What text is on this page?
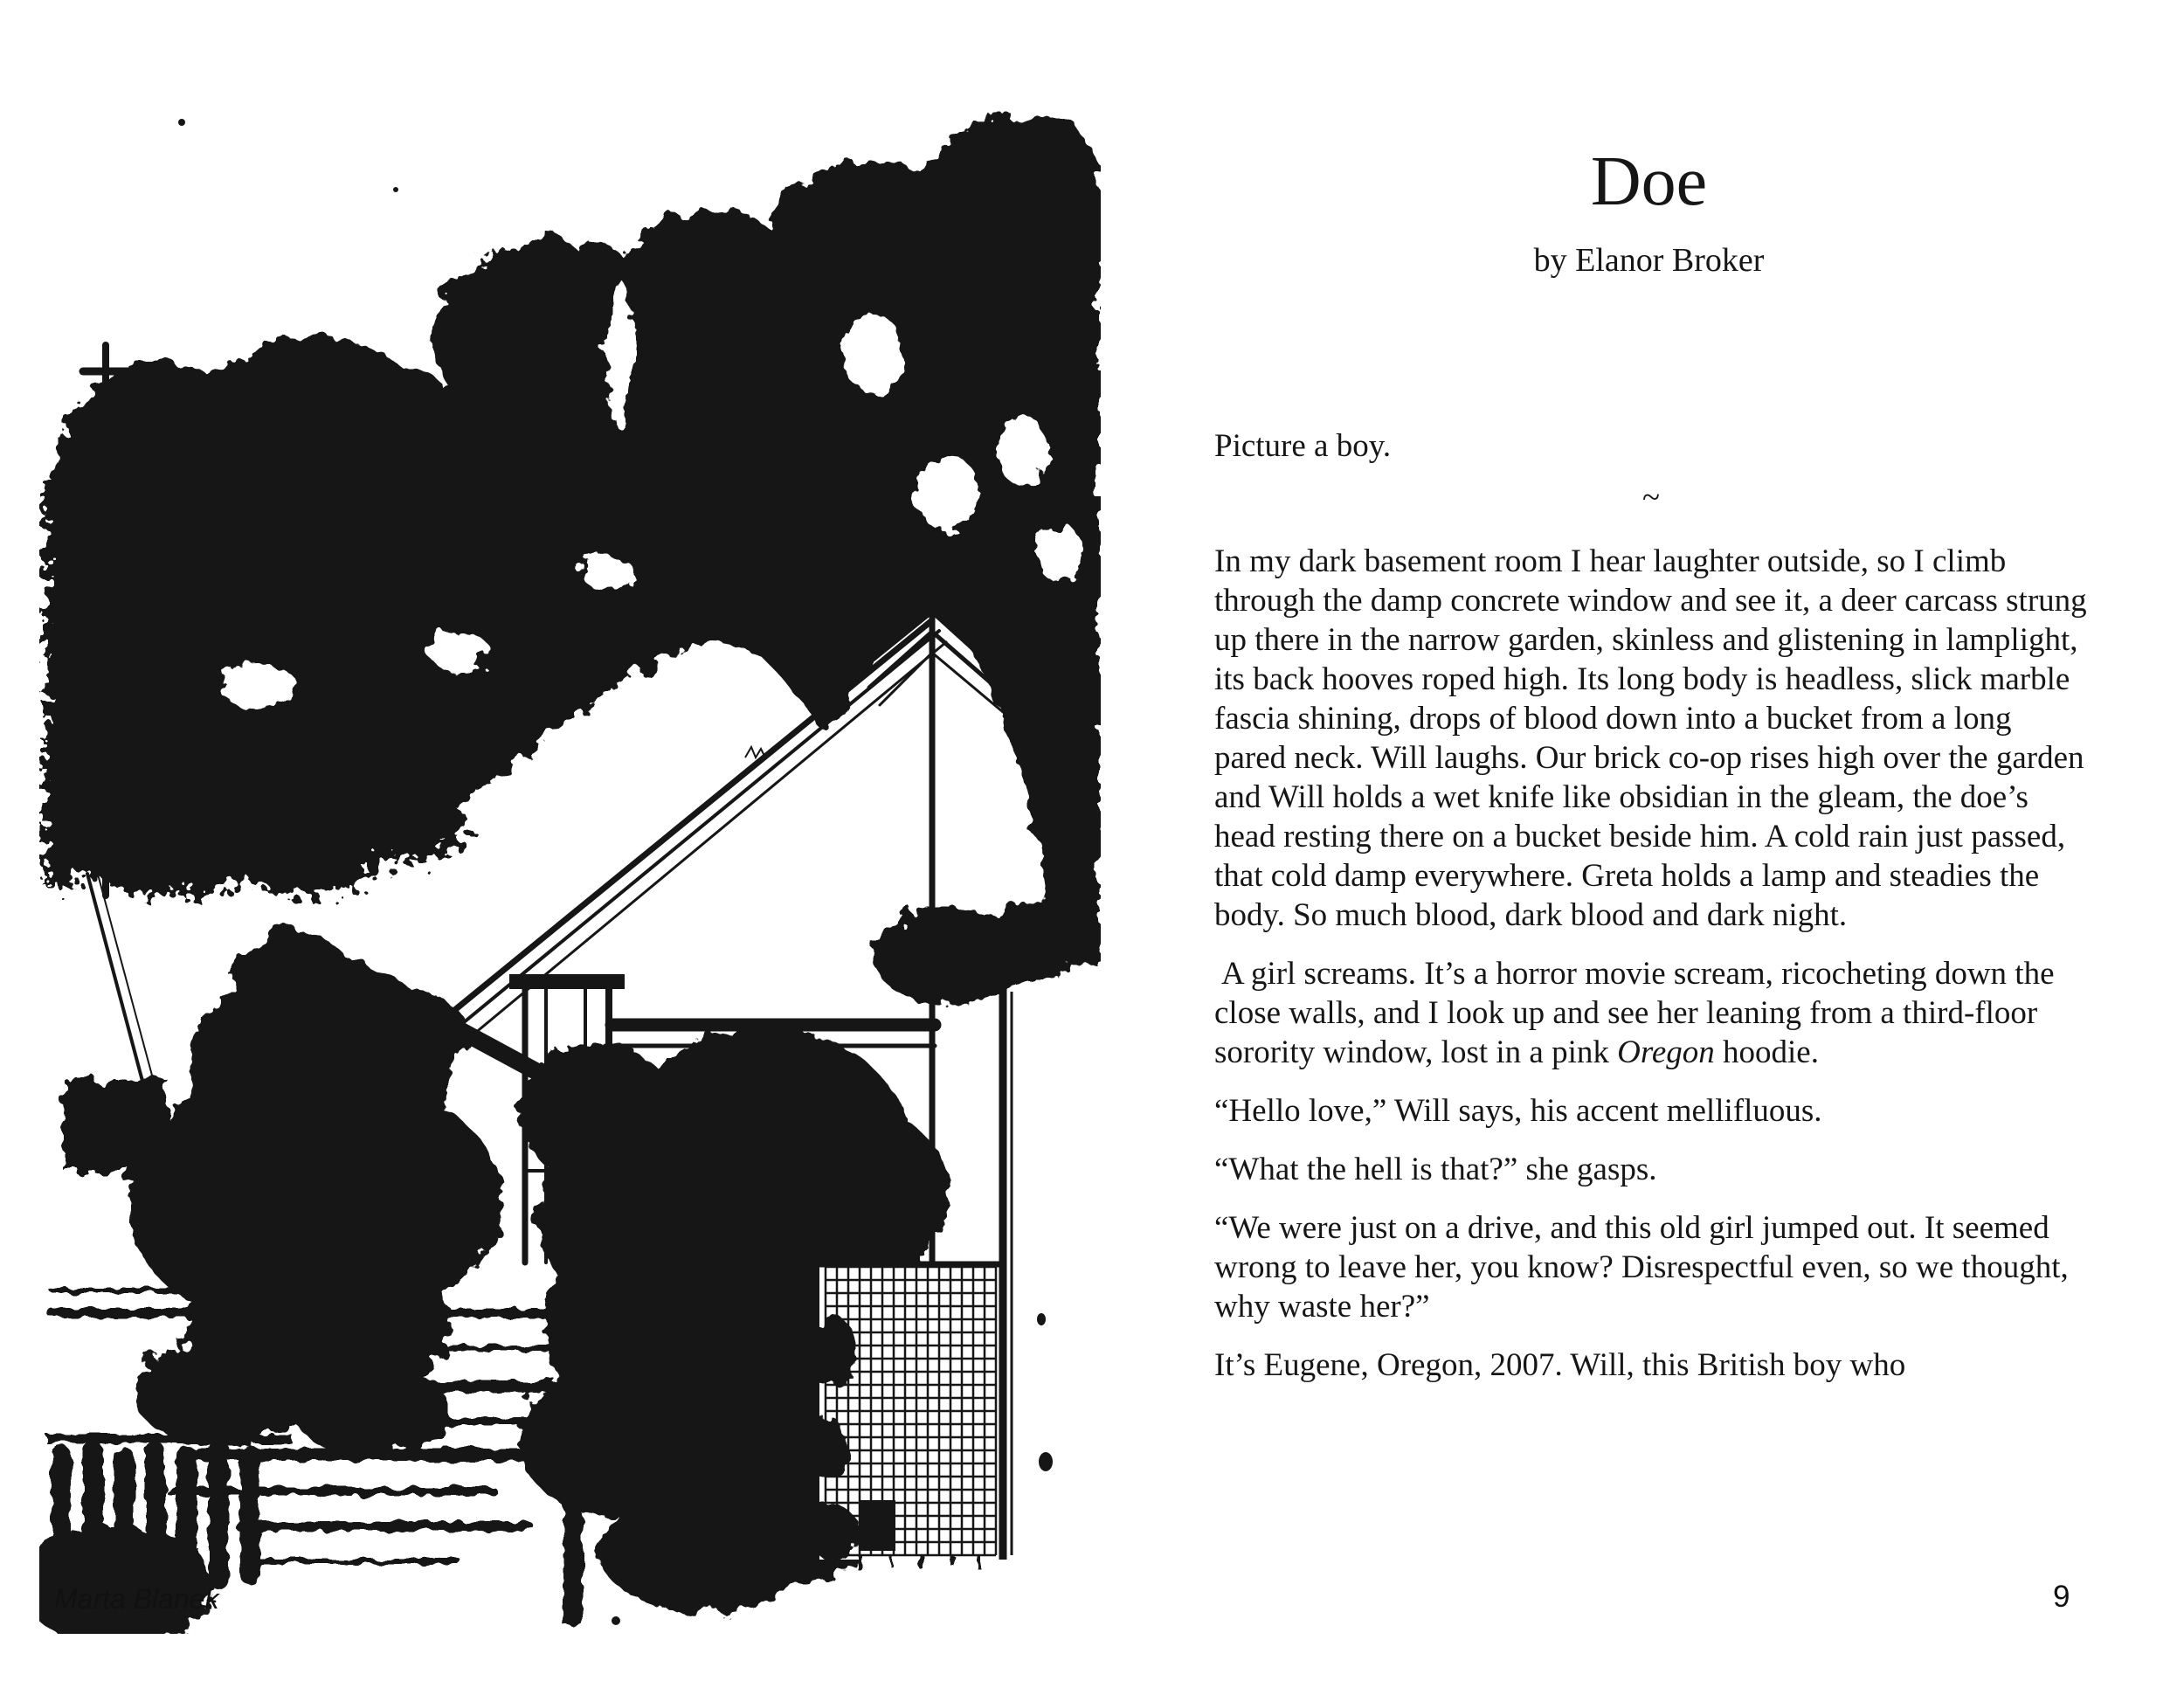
Doe
by Elanor Broker

Picture a boy.

~

In my dark basement room I hear laughter outside, so I climb through the damp concrete window and see it, a deer carcass strung up there in the narrow garden, skinless and glistening in lamplight, its back hooves roped high. Its long body is headless, slick marble fascia shining, drops of blood down into a bucket from a long pared neck. Will laughs. Our brick co-op rises high over the garden and Will holds a wet knife like obsidian in the gleam, the doe’s head resting there on a bucket beside him. A cold rain just passed, that cold damp everywhere. Greta holds a lamp and steadies the body. So much blood, dark blood and dark night.

A girl screams. It’s a horror movie scream, ricocheting down the close walls, and I look up and see her leaning from a third-floor sorority window, lost in a pink Oregon hoodie.

“Hello love,” Will says, his accent mellifluous.

“What the hell is that?” she gasps.

“We were just on a drive, and this old girl jumped out. It seemed wrong to leave her, you know? Disrespectful even, so we thought, why waste her?”

It’s Eugene, Oregon, 2007. Will, this British boy who

Marta Blanek	9
